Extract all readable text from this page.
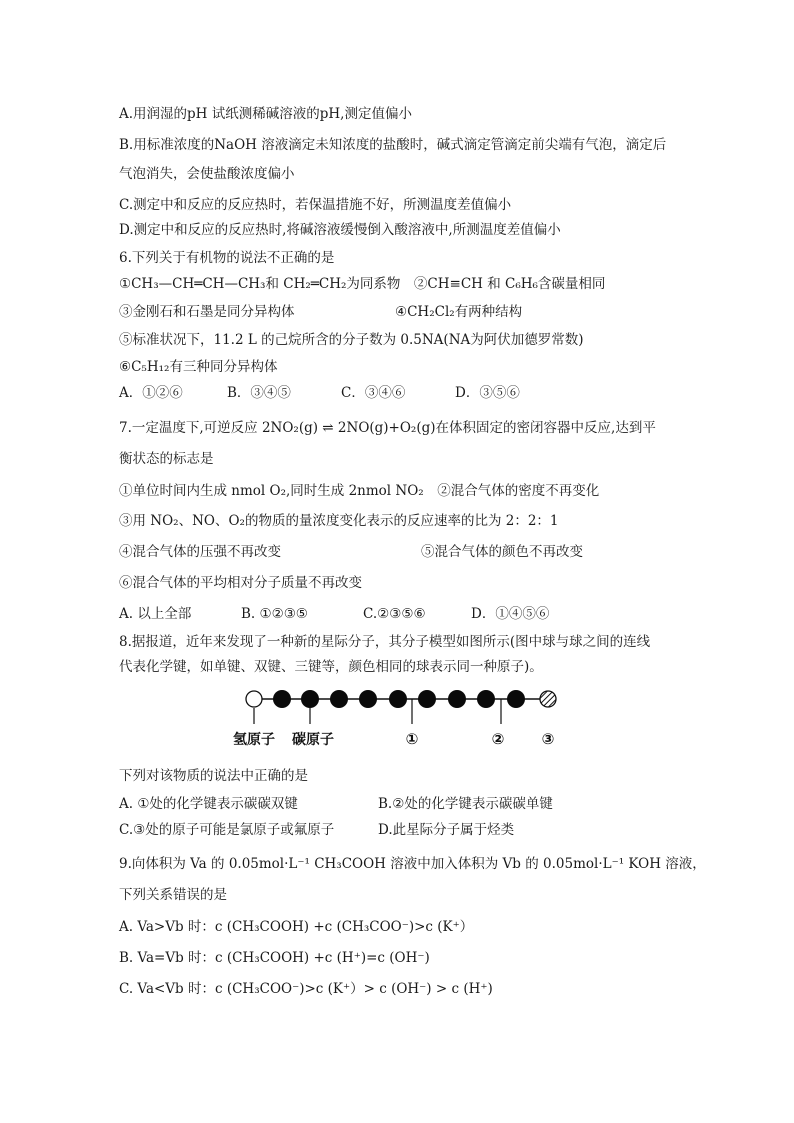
A.用润湿的pH 试纸测稀碱溶液的pH,测定值偏小
B.用标准浓度的NaOH 溶液滴定未知浓度的盐酸时，碱式滴定管滴定前尖端有气泡，滴定后
气泡消失，会使盐酸浓度偏小
C.测定中和反应的反应热时，若保温措施不好，所测温度差值偏小
D.测定中和反应的反应热时,将碱溶液缓慢倒入酸溶液中,所测温度差值偏小
6.下列关于有机物的说法不正确的是
①CH₃—CH═CH—CH₃和 CH₂═CH₂为同系物　②CH≡CH 和 C₆H₆含碳量相同
③金刚石和石墨是同分异构体	④CH₂Cl₂有两种结构
⑤标准状况下，11.2 L 的己烷所含的分子数为 0.5NA(NA为阿伏加德罗常数)
⑥C₅H₁₂有三种同分异构体
A．①②⑥	B．③④⑤	C．③④⑥	D．③⑤⑥
7.一定温度下,可逆反应 2NO₂(g) ⇌ 2NO(g)+O₂(g)在体积固定的密闭容器中反应,达到平
衡状态的标志是
①单位时间内生成 nmol O₂,同时生成 2nmol NO₂　②混合气体的密度不再变化
③用 NO₂、NO、O₂的物质的量浓度变化表示的反应速率的比为 2：2：1
④混合气体的压强不再改变	⑤混合气体的颜色不再改变
⑥混合气体的平均相对分子质量不再改变
A. 以上全部	B. ①②③⑤	C.②③⑤⑥	D．①④⑤⑥
8.据报道，近年来发现了一种新的星际分子，其分子模型如图所示(图中球与球之间的连线
代表化学键，如单键、双键、三键等，颜色相同的球表示同一种原子)。
氢原子 碳原子	①	② ③
下列对该物质的说法中正确的是
A. ①处的化学键表示碳碳双键	B.②处的化学键表示碳碳单键
C.③处的原子可能是氯原子或氟原子	D.此星际分子属于烃类
9.向体积为 Va 的 0.05mol·L⁻¹ CH₃COOH 溶液中加入体积为 Vb 的 0.05mol·L⁻¹ KOH 溶液，
下列关系错误的是
A. Va>Vb 时：c (CH₃COOH) +c (CH₃COO⁻)>c (K⁺）
B. Va=Vb 时：c (CH₃COOH) +c (H⁺)=c (OH⁻)
C. Va<Vb 时：c (CH₃COO⁻)>c (K⁺）> c (OH⁻) > c (H⁺)
